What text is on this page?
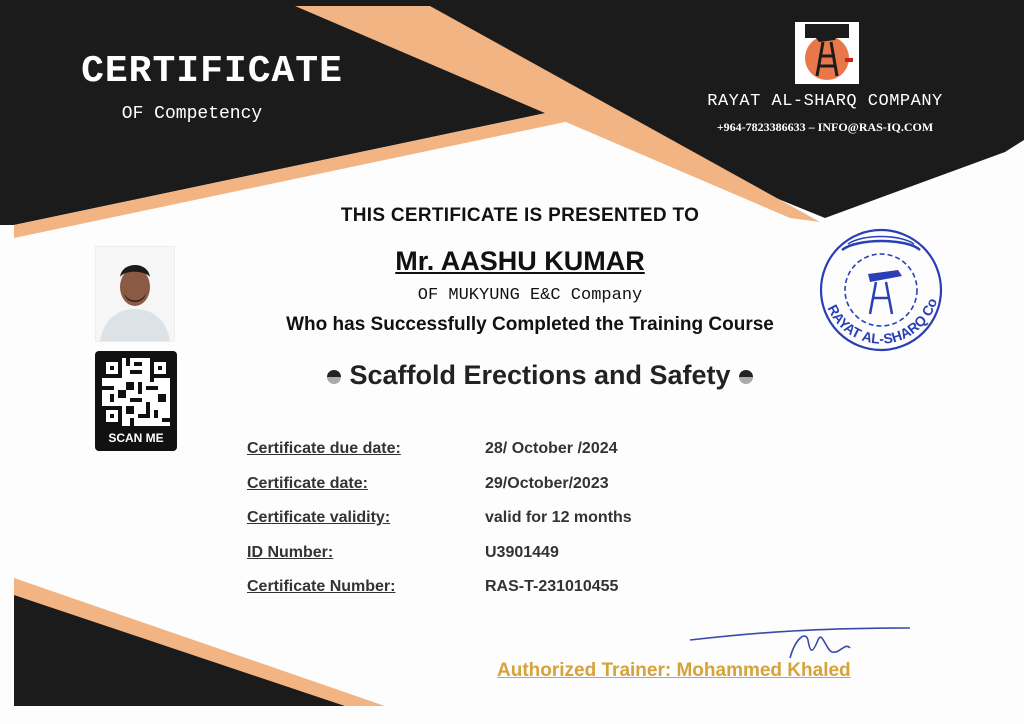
CERTIFICATE
OF Competency
RAYAT AL-SHARQ COMPANY
+964-7823386633 – INFO@RAS-IQ.COM
RAYAT AL-SHARQ Co
THIS CERTIFICATE IS PRESENTED TO
Mr. AASHU KUMAR
OF MUKYUNG E&C Company
Who has Successfully Completed the Training Course
Scaffold Erections and Safety
SCAN ME
Certificate due date:	28/ October /2024
Certificate date:	29/October/2023
Certificate validity:	valid for 12 months
ID Number:	U3901449
Certificate Number:	RAS-T-231010455
Authorized Trainer: Mohammed Khaled
